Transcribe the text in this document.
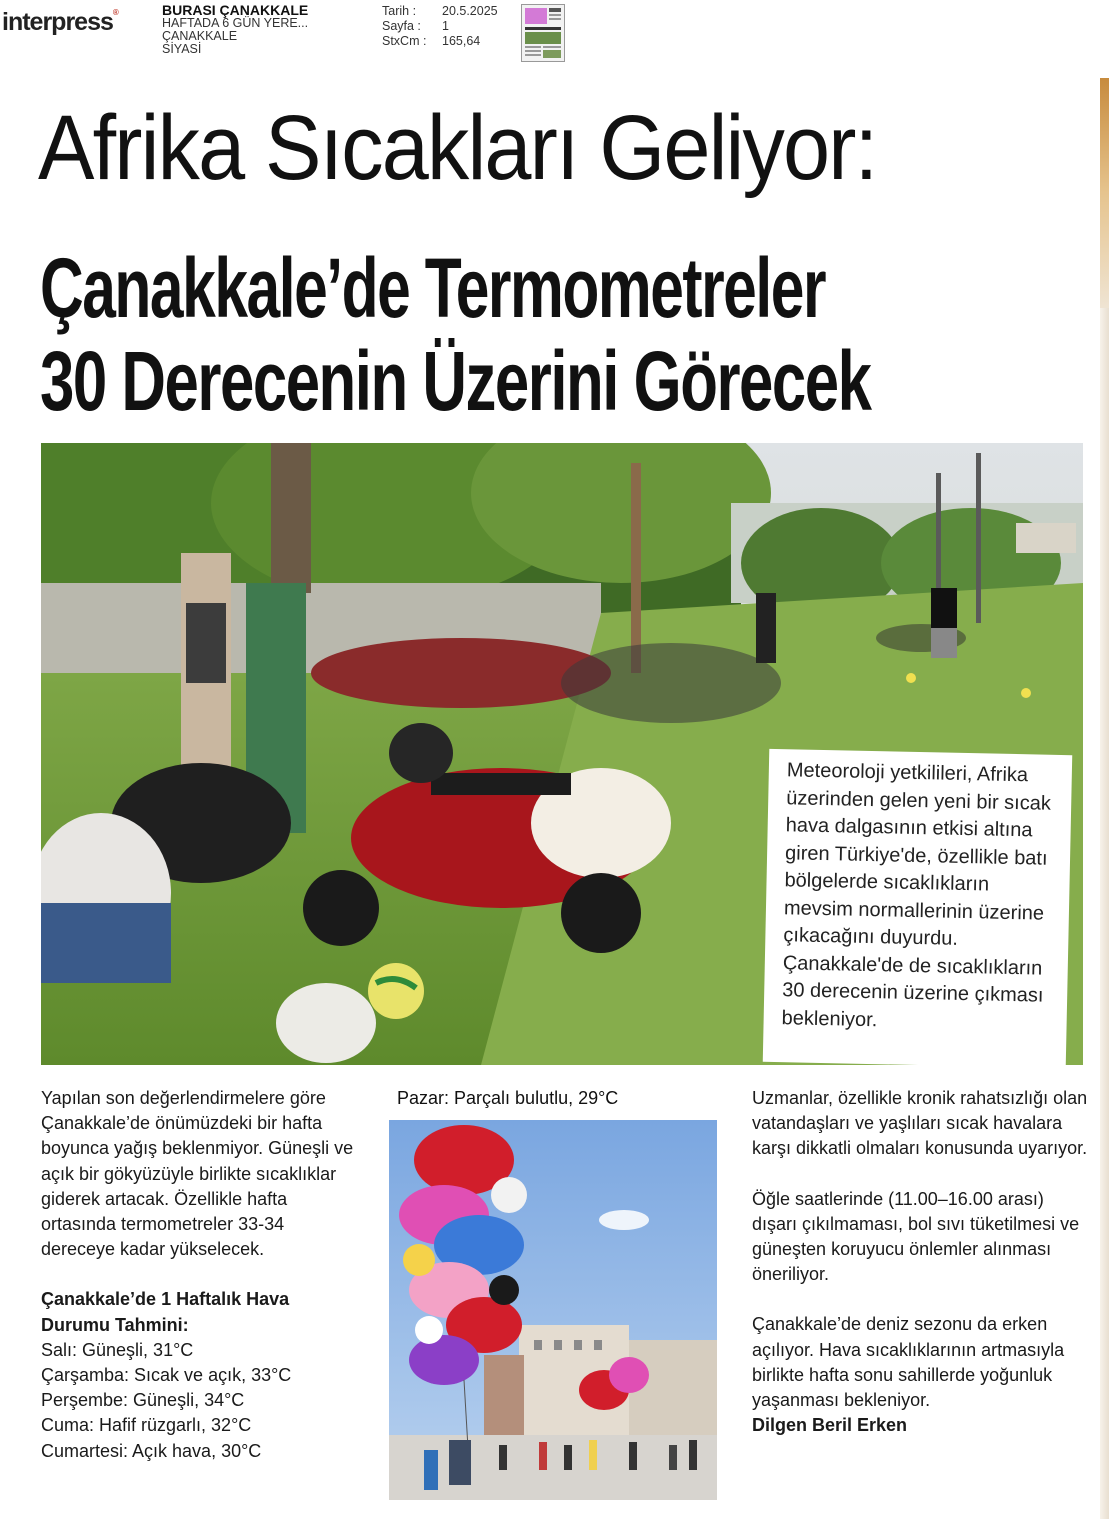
interpress®	BURASI ÇANAKKALE
HAFTADA 6 GÜN YERE...
ÇANAKKALE
SİYASİ
Tarih :	20.5.2025
Sayfa :	1
StxCm :	165,64
Afrika Sıcakları Geliyor:
Çanakkale’de Termometreler
30 Derecenin Üzerini Görecek
Meteoroloji yetkilileri, Afrika üzerinden gelen yeni bir sıcak hava dalgasının etkisi altına giren Türkiye'de, özellikle batı bölgelerde sıcaklıkların mevsim normallerinin üzerine çıkacağını duyurdu. Çanakkale'de de sıcaklıkların 30 derecenin üzerine çıkması bekleniyor.

Yapılan son değerlendirmelere göre Çanakkale’de önümüzdeki bir hafta boyunca yağış beklenmiyor. Güneşli ve açık bir gökyüzüyle birlikte sıcaklıklar giderek artacak. Özellikle hafta ortasında termometreler 33-34 dereceye kadar yükselecek.

Çanakkale’de 1 Haftalık Hava Durumu Tahmini:

Salı: Güneşli, 31°C

Çarşamba: Sıcak ve açık, 33°C

Perşembe: Güneşli, 34°C

Cuma: Hafif rüzgarlı, 32°C

Cumartesi: Açık hava, 30°C

Pazar: Parçalı bulutlu, 29°C	Uzmanlar, özellikle kronik rahatsızlığı olan vatandaşları ve yaşlıları sıcak havalara karşı dikkatli olmaları konusunda uyarıyor.

Öğle saatlerinde (11.00–16.00 arası) dışarı çıkılmaması, bol sıvı tüketilmesi ve güneşten koruyucu önlemler alınması öneriliyor.

Çanakkale’de deniz sezonu da erken açılıyor. Hava sıcaklıklarının artmasıyla birlikte hafta sonu sahillerde yoğunluk yaşanması bekleniyor.

Dilgen Beril Erken
